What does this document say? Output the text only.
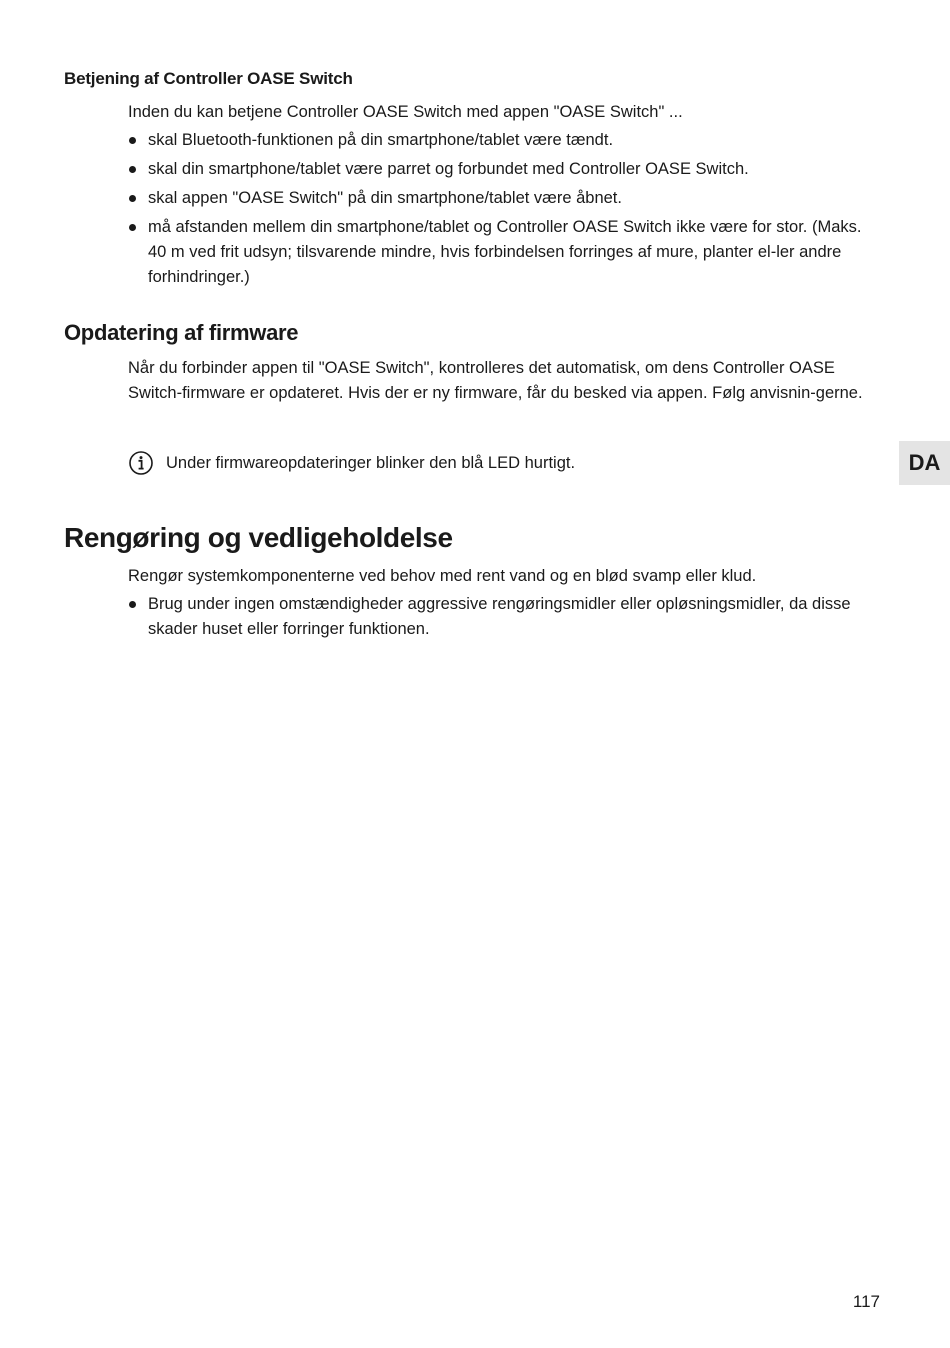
Betjening af Controller OASE Switch
Inden du kan betjene Controller OASE Switch med appen "OASE Switch" ...
skal Bluetooth-funktionen på din smartphone/tablet være tændt.
skal din smartphone/tablet være parret og forbundet med Controller OASE Switch.
skal appen "OASE Switch" på din smartphone/tablet være åbnet.
må afstanden mellem din smartphone/tablet og Controller OASE Switch ikke være for stor. (Maks. 40 m ved frit udsyn; tilsvarende mindre, hvis forbindelsen forringes af mure, planter el-ler andre forhindringer.)
Opdatering af firmware
Når du forbinder appen til "OASE Switch", kontrolleres det automatisk, om dens Controller OASE Switch-firmware er opdateret. Hvis der er ny firmware, får du besked via appen. Følg anvisnin-gerne.
Under firmwareopdateringer blinker den blå LED hurtigt.	DA
Rengøring og vedligeholdelse
Rengør systemkomponenterne ved behov med rent vand og en blød svamp eller klud.
Brug under ingen omstændigheder aggressive rengøringsmidler eller opløsningsmidler, da disse skader huset eller forringer funktionen.
117
